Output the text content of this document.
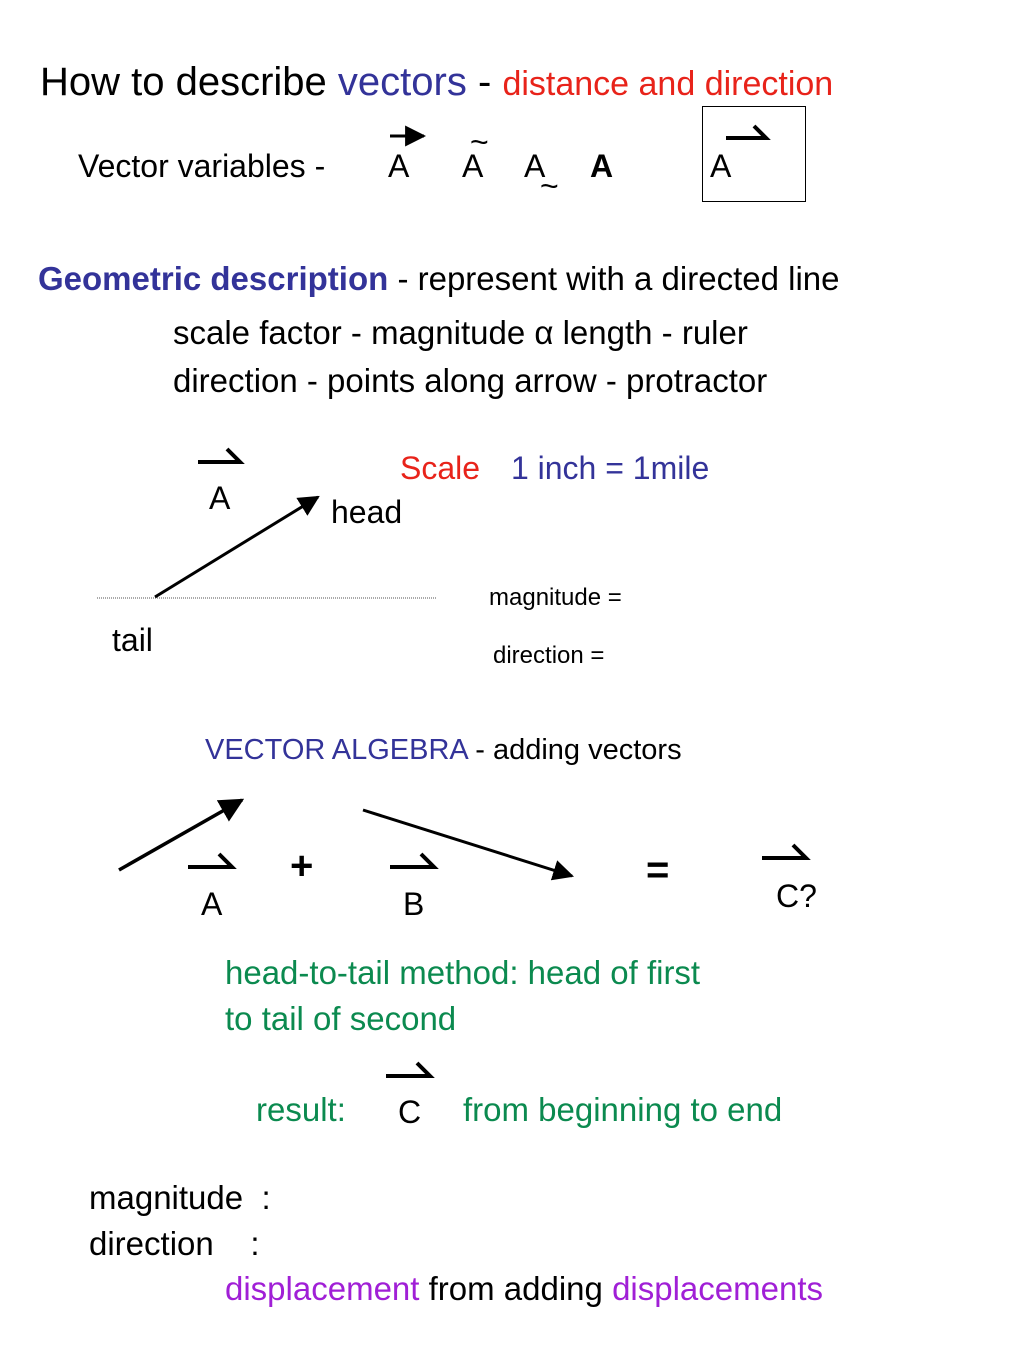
How to describe vectors - distance and direction
Vector variables - A A
~
A
~
A	A
Geometric description - represent with a directed line
scale factor - magnitude α length - ruler
direction - points along arrow - protractor
A	head
tail
Scale 1 inch = 1mile
magnitude =
direction =
VECTOR ALGEBRA - adding vectors
A
+
B
=
C?
head-to-tail method: head of first
to tail of second
result: C from beginning to end
magnitude  :
direction    :
displacement from adding displacements
